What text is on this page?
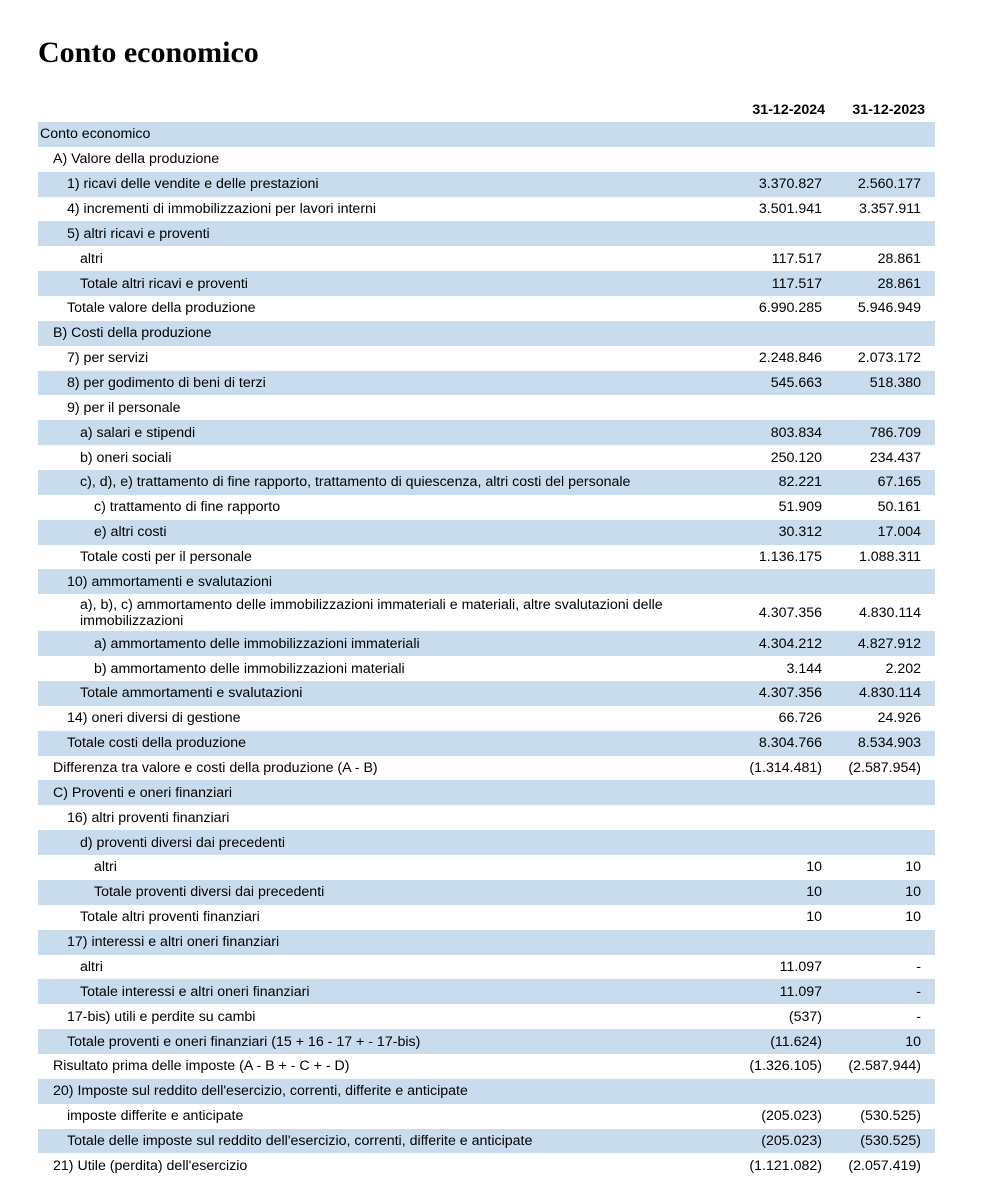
Conto economico
	31-12-2024	31-12-2023
Conto economico		
A) Valore della produzione		
1) ricavi delle vendite e delle prestazioni	3.370.827	2.560.177
4) incrementi di immobilizzazioni per lavori interni	3.501.941	3.357.911
5) altri ricavi e proventi		
altri	117.517	28.861
Totale altri ricavi e proventi	117.517	28.861
Totale valore della produzione	6.990.285	5.946.949
B) Costi della produzione		
7) per servizi	2.248.846	2.073.172
8) per godimento di beni di terzi	545.663	518.380
9) per il personale		
a) salari e stipendi	803.834	786.709
b) oneri sociali	250.120	234.437
c), d), e) trattamento di fine rapporto, trattamento di quiescenza, altri costi del personale	82.221	67.165
c) trattamento di fine rapporto	51.909	50.161
e) altri costi	30.312	17.004
Totale costi per il personale	1.136.175	1.088.311
10) ammortamenti e svalutazioni		
a), b), c) ammortamento delle immobilizzazioni immateriali e materiali, altre svalutazioni delle immobilizzazioni	4.307.356	4.830.114
a) ammortamento delle immobilizzazioni immateriali	4.304.212	4.827.912
b) ammortamento delle immobilizzazioni materiali	3.144	2.202
Totale ammortamenti e svalutazioni	4.307.356	4.830.114
14) oneri diversi di gestione	66.726	24.926
Totale costi della produzione	8.304.766	8.534.903
Differenza tra valore e costi della produzione (A - B)	(1.314.481)	(2.587.954)
C) Proventi e oneri finanziari		
16) altri proventi finanziari		
d) proventi diversi dai precedenti		
altri	10	10
Totale proventi diversi dai precedenti	10	10
Totale altri proventi finanziari	10	10
17) interessi e altri oneri finanziari		
altri	11.097	-
Totale interessi e altri oneri finanziari	11.097	-
17-bis) utili e perdite su cambi	(537)	-
Totale proventi e oneri finanziari (15 + 16 - 17 + - 17-bis)	(11.624)	10
Risultato prima delle imposte (A - B + - C + - D)	(1.326.105)	(2.587.944)
20) Imposte sul reddito dell'esercizio, correnti, differite e anticipate		
imposte differite e anticipate	(205.023)	(530.525)
Totale delle imposte sul reddito dell'esercizio, correnti, differite e anticipate	(205.023)	(530.525)
21) Utile (perdita) dell'esercizio	(1.121.082)	(2.057.419)
